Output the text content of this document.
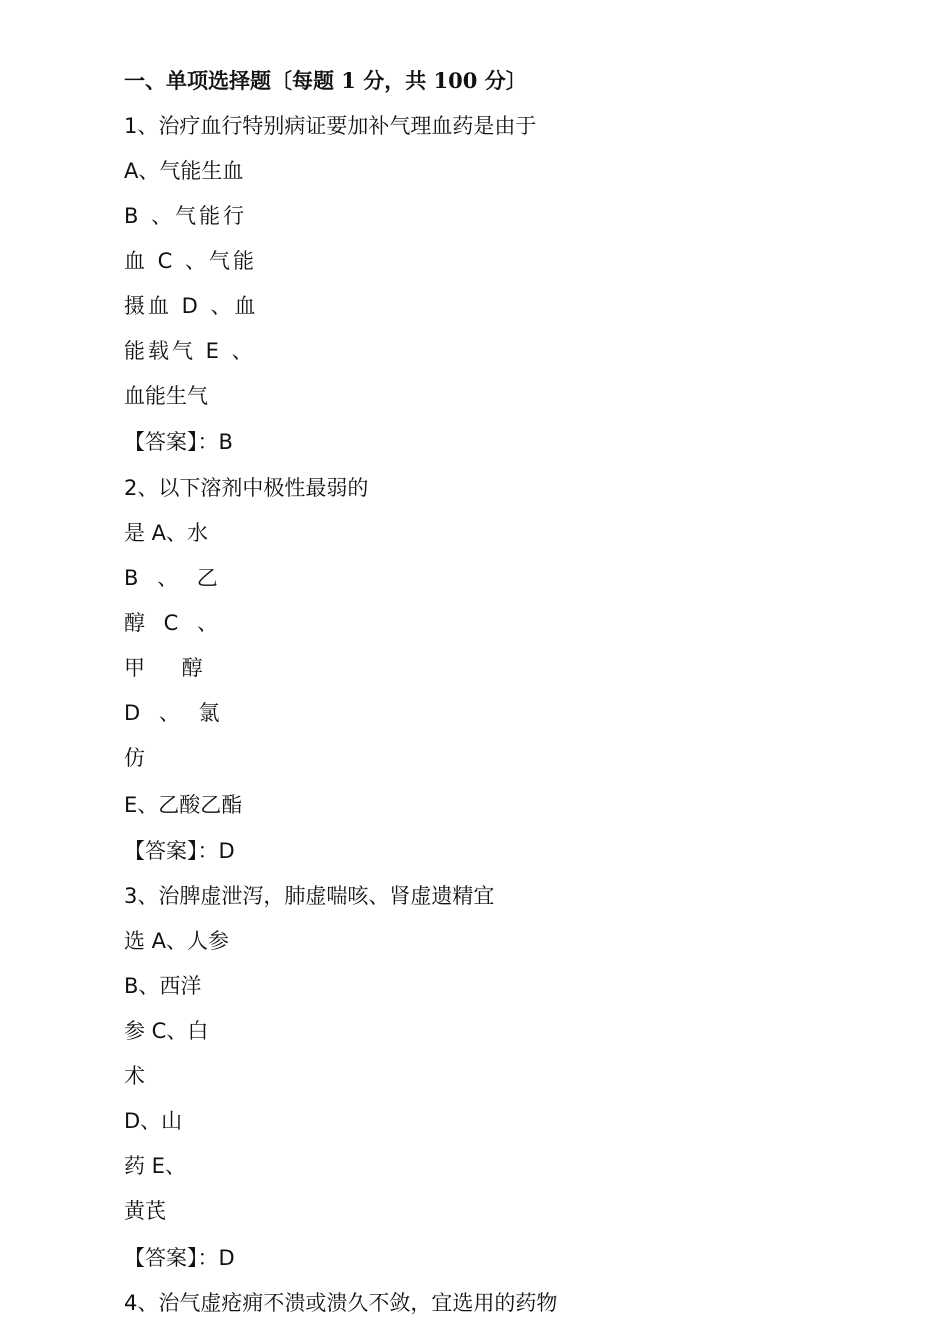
一、单项选择题〔每题 1 分，共 100 分〕
1、治疗血行特别病证要加补气理血药是由于
A、气能生血
B 、气能行
血 C 、气能
摄血 D 、血
能载气 E 、
血能生气
【答案】：B
2、以下溶剂中极性最弱的
是 A、水
B 、 乙
醇 C 、
甲 醇
D 、 氯
仿
E、乙酸乙酯
【答案】：D
3、治脾虚泄泻，肺虚喘咳、肾虚遗精宜
选 A、人参
B、西洋
参 C、白
术
D、山
药 E、
黄芪
【答案】：D
4、治气虚疮痈不溃或溃久不敛，宜选用的药物
